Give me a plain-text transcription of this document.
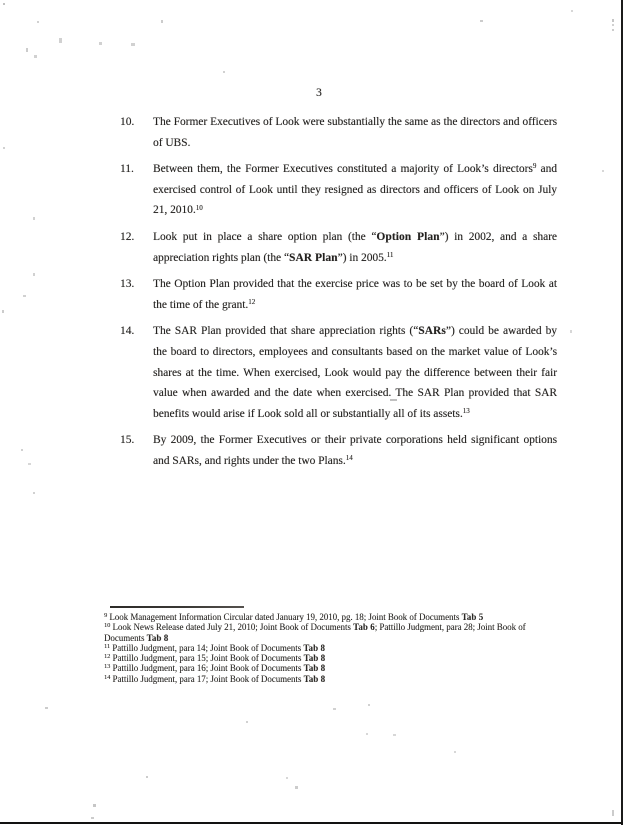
3
10.	The Former Executives of Look were substantially the same as the directors and officers of UBS.
11.	Between them, the Former Executives constituted a majority of Look’s directors$^9$ and exercised control of Look until they resigned as directors and officers of Look on July 21, 2010.10
12.	Look put in place a share option plan (the “Option Plan”) in 2002, and a share appreciation rights plan (the “SAR Plan”) in 2005.11
13.	The Option Plan provided that the exercise price was to be set by the board of Look at the time of the grant.$^{12}$
14.	The SAR Plan provided that share appreciation rights (“SARs”) could be awarded by the board to directors, employees and consultants based on the market value of Look’s shares at the time. When exercised, Look would pay the difference between their fair value when awarded and the date when exercised. The SAR Plan provided that SAR benefits would arise if Look sold all or substantially all of its assets.$^{13}$
15.	By 2009, the Former Executives or their private corporations held significant options and SARs, and rights under the two Plans.$^{14}$
$^9$ Look Management Information Circular dated January 19, 2010, pg. 18; Joint Book of Documents Tab 5
$^{10}$ Look News Release dated July 21, 2010; Joint Book of Documents Tab 6; Pattillo Judgment, para 28; Joint Book of Documents Tab 8
$^{11}$ Pattillo Judgment, para 14; Joint Book of Documents Tab 8
$^{12}$ Pattillo Judgment, para 15; Joint Book of Documents Tab 8
$^{13}$ Pattillo Judgment, para 16; Joint Book of Documents Tab 8
$^{14}$ Pattillo Judgment, para 17; Joint Book of Documents Tab 8
